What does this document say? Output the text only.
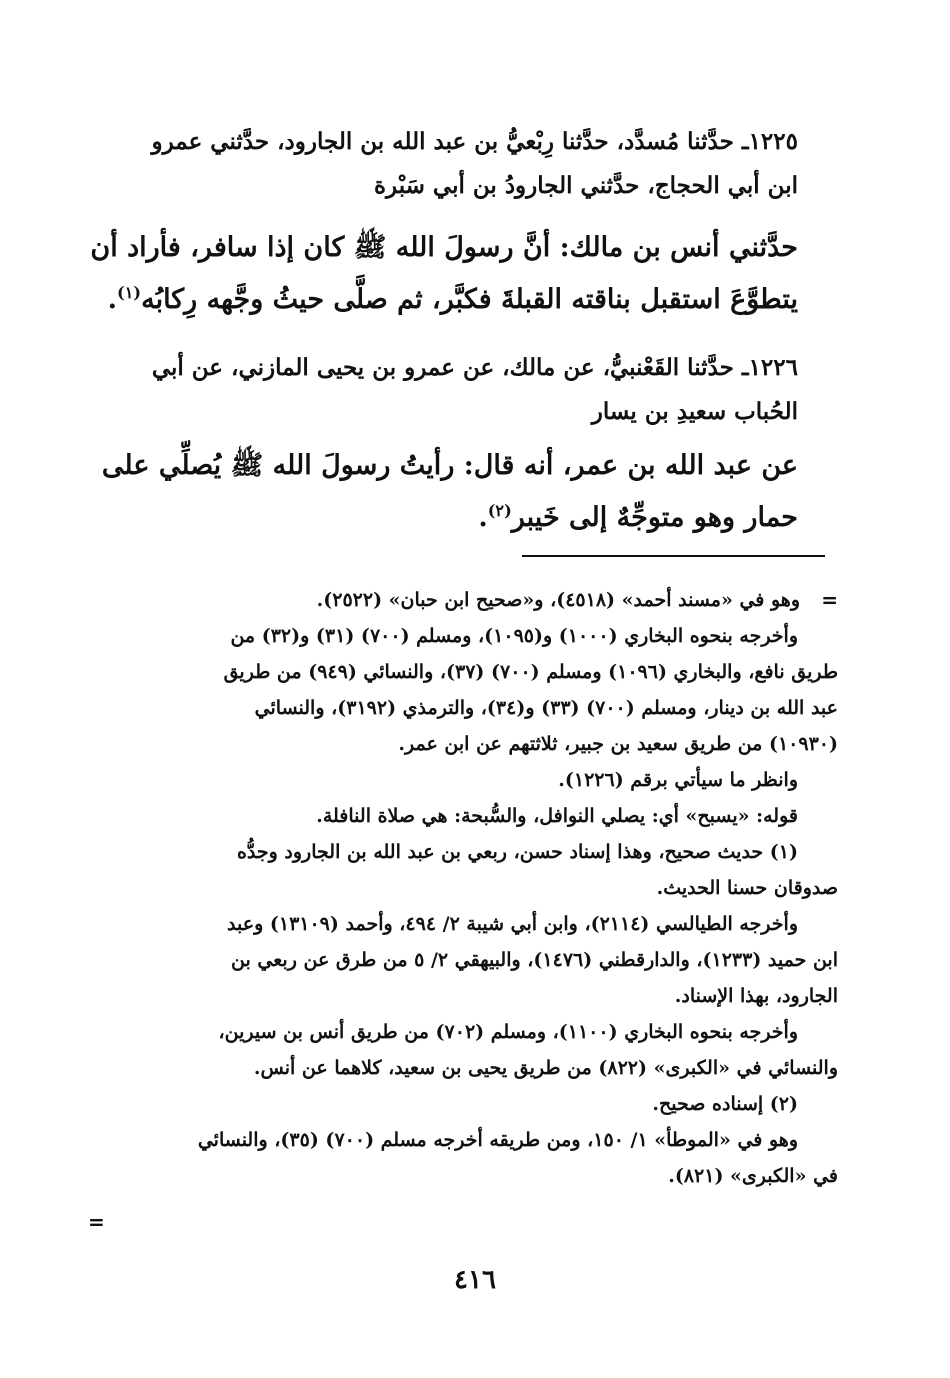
١٢٢٥ـ حدَّثنا مُسدَّد، حدَّثنا رِبْعيُّ بن عبد الله بن الجارود، حدَّثني عمرو
ابن أبي الحجاج، حدَّثني الجارودُ بن أبي سَبْرة
حدَّثني أنس بن مالك: أنَّ رسولَ الله ﷺ كان إذا سافر، فأراد أن
يتطوَّعَ استقبل بناقته القبلةَ فكبَّر، ثم صلَّى حيثُ وجَّهه رِكابُه$^{(١)}$.
١٢٢٦ـ حدَّثنا القَعْنبيُّ، عن مالك، عن عمرو بن يحيى المازني، عن أبي
الحُباب سعيدِ بن يسار
عن عبد الله بن عمر، أنه قال: رأيتُ رسولَ الله ﷺ يُصلِّي على
حمار وهو متوجِّهٌ إلى خَيبر$^{(٢)}$.
=
وهو في «مسند أحمد» (٤٥١٨)، و«صحيح ابن حبان» (٢٥٢٢).
وأخرجه بنحوه البخاري (١٠٠٠) و(١٠٩٥)، ومسلم (٧٠٠) (٣١) و(٣٢) من
طريق نافع، والبخاري (١٠٩٦) ومسلم (٧٠٠) (٣٧)، والنسائي (٩٤٩) من طريق
عبد الله بن دينار، ومسلم (٧٠٠) (٣٣) و(٣٤)، والترمذي (٣١٩٢)، والنسائي
(١٠٩٣٠) من طريق سعيد بن جبير، ثلاثتهم عن ابن عمر.
وانظر ما سيأتي برقم (١٢٢٦).
قوله: «يسبح» أي: يصلي النوافل، والسُّبحة: هي صلاة النافلة.
(١) حديث صحيح، وهذا إسناد حسن، ربعي بن عبد الله بن الجارود وجدُّه
صدوقان حسنا الحديث.
وأخرجه الطيالسي (٢١١٤)، وابن أبي شيبة ٢/ ٤٩٤، وأحمد (١٣١٠٩) وعبد
ابن حميد (١٢٣٣)، والدارقطني (١٤٧٦)، والبيهقي ٢/ ٥ من طرق عن ربعي بن
الجارود، بهذا الإسناد.
وأخرجه بنحوه البخاري (١١٠٠)، ومسلم (٧٠٢) من طريق أنس بن سيرين،
والنسائي في «الكبرى» (٨٢٢) من طريق يحيى بن سعيد، كلاهما عن أنس.
(٢) إسناده صحيح.
وهو في «الموطأ» ١/ ١٥٠، ومن طريقه أخرجه مسلم (٧٠٠) (٣٥)، والنسائي
في «الكبرى» (٨٢١).
=
٤١٦
